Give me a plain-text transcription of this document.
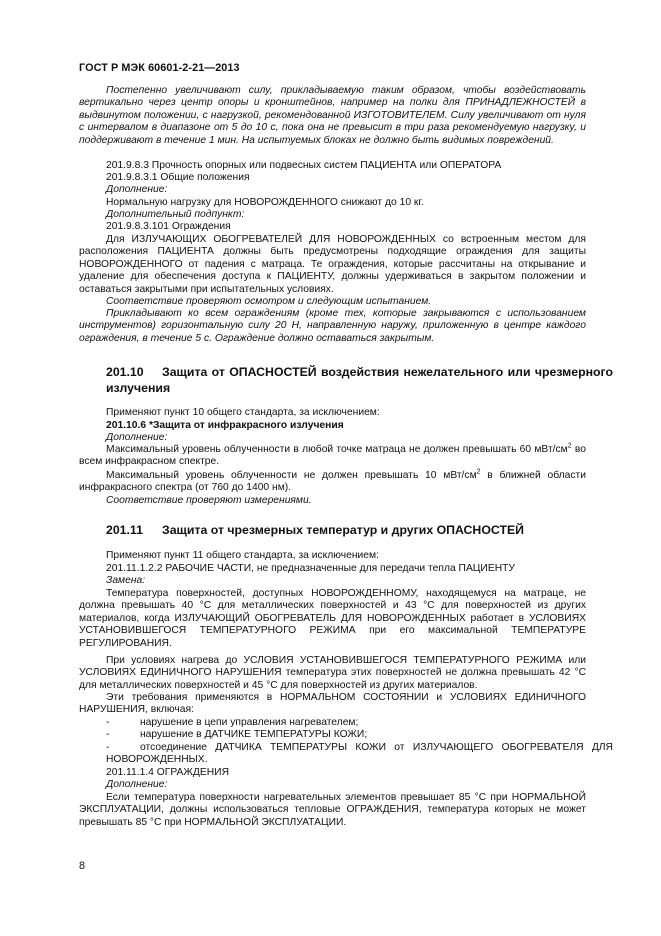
ГОСТ Р МЭК 60601-2-21—2013
Постепенно увеличивают силу, прикладываемую таким образом, чтобы воздействовать вертикально через центр опоры и кронштейнов, например на полки для ПРИНАДЛЕЖНОСТЕЙ в выдвинутом положении, с нагрузкой, рекомендованной ИЗГОТОВИТЕЛЕМ. Силу увеличивают от нуля с интервалом в диапазоне от 5 до 10 с, пока она не превысит в три раза рекомендуемую нагрузку, и поддерживают в течение 1 мин. На испытуемых блоках не должно быть видимых повреждений.
201.9.8.3 Прочность опорных или подвесных систем ПАЦИЕНТА или ОПЕРАТОРА
201.9.8.3.1 Общие положения
Дополнение:
Нормальную нагрузку для НОВОРОЖДЕННОГО снижают до 10 кг.
Дополнительный подпункт:
201.9.8.3.101 Ограждения
Для ИЗЛУЧАЮЩИХ ОБОГРЕВАТЕЛЕЙ ДЛЯ НОВОРОЖДЕННЫХ со встроенным местом для расположения ПАЦИЕНТА должны быть предусмотрены подходящие ограждения для защиты НОВОРОЖДЕННОГО от падения с матраца. Те ограждения, которые рассчитаны на открывание и удаление для обеспечения доступа к ПАЦИЕНТУ, должны удерживаться в закрытом положении и оставаться закрытыми при испытательных условиях.
Соответствие проверяют осмотром и следующим испытанием.
Прикладывают ко всем ограждениям (кроме тех, которые закрываются с использованием инструментов) горизонтальную силу 20 Н, направленную наружу, приложенную в центре каждого ограждения, в течение 5 с. Ограждение должно оставаться закрытым.
201.10 Защита от ОПАСНОСТЕЙ воздействия нежелательного или чрезмерного излучения
Применяют пункт 10 общего стандарта, за исключением:
201.10.6 *Защита от инфракрасного излучения
Дополнение:
Максимальный уровень облученности в любой точке матраца не должен превышать 60 мВт/$см^2$ во всем инфракрасном спектре.
Максимальный уровень облученности не должен превышать 10 мВт/$см^2$ в ближней области инфракрасного спектра (от 760 до 1400 нм).
Соответствие проверяют измерениями.
201.11 Защита от чрезмерных температур и других ОПАСНОСТЕЙ
Применяют пункт 11 общего стандарта, за исключением:
201.11.1.2.2 РАБОЧИЕ ЧАСТИ, не предназначенные для передачи тепла ПАЦИЕНТУ
Замена:
Температура поверхностей, доступных НОВОРОЖДЕННОМУ, находящемуся на матраце, не должна превышать 40 °С для металлических поверхностей и 43 °С для поверхностей из других материалов, когда ИЗЛУЧАЮЩИЙ ОБОГРЕВАТЕЛЬ ДЛЯ НОВОРОЖДЕННЫХ работает в УСЛОВИЯХ УСТАНОВИВШЕГОСЯ ТЕМПЕРАТУРНОГО РЕЖИМА при его максимальной ТЕМПЕРАТУРЕ РЕГУЛИРОВАНИЯ.
При условиях нагрева до УСЛОВИЯ УСТАНОВИВШЕГОСЯ ТЕМПЕРАТУРНОГО РЕЖИМА или УСЛОВИЯХ ЕДИНИЧНОГО НАРУШЕНИЯ температура этих поверхностей не должна превышать 42 °С для металлических поверхностей и 45 °С для поверхностей из других материалов.
Эти требования применяются в НОРМАЛЬНОМ СОСТОЯНИИ и УСЛОВИЯХ ЕДИНИЧНОГО НАРУШЕНИЯ, включая:
-	нарушение в цепи управления нагревателем;
-	нарушение в ДАТЧИКЕ ТЕМПЕРАТУРЫ КОЖИ;
-	отсоединение ДАТЧИКА ТЕМПЕРАТУРЫ КОЖИ от ИЗЛУЧАЮЩЕГО ОБОГРЕВАТЕЛЯ ДЛЯ НОВОРОЖДЕННЫХ.
201.11.1.4 ОГРАЖДЕНИЯ
Дополнение:
Если температура поверхности нагревательных элементов превышает 85 °С при НОРМАЛЬНОЙ ЭКСПЛУАТАЦИИ, должны использоваться тепловые ОГРАЖДЕНИЯ, температура которых не может превышать 85 °С при НОРМАЛЬНОЙ ЭКСПЛУАТАЦИИ.
8
